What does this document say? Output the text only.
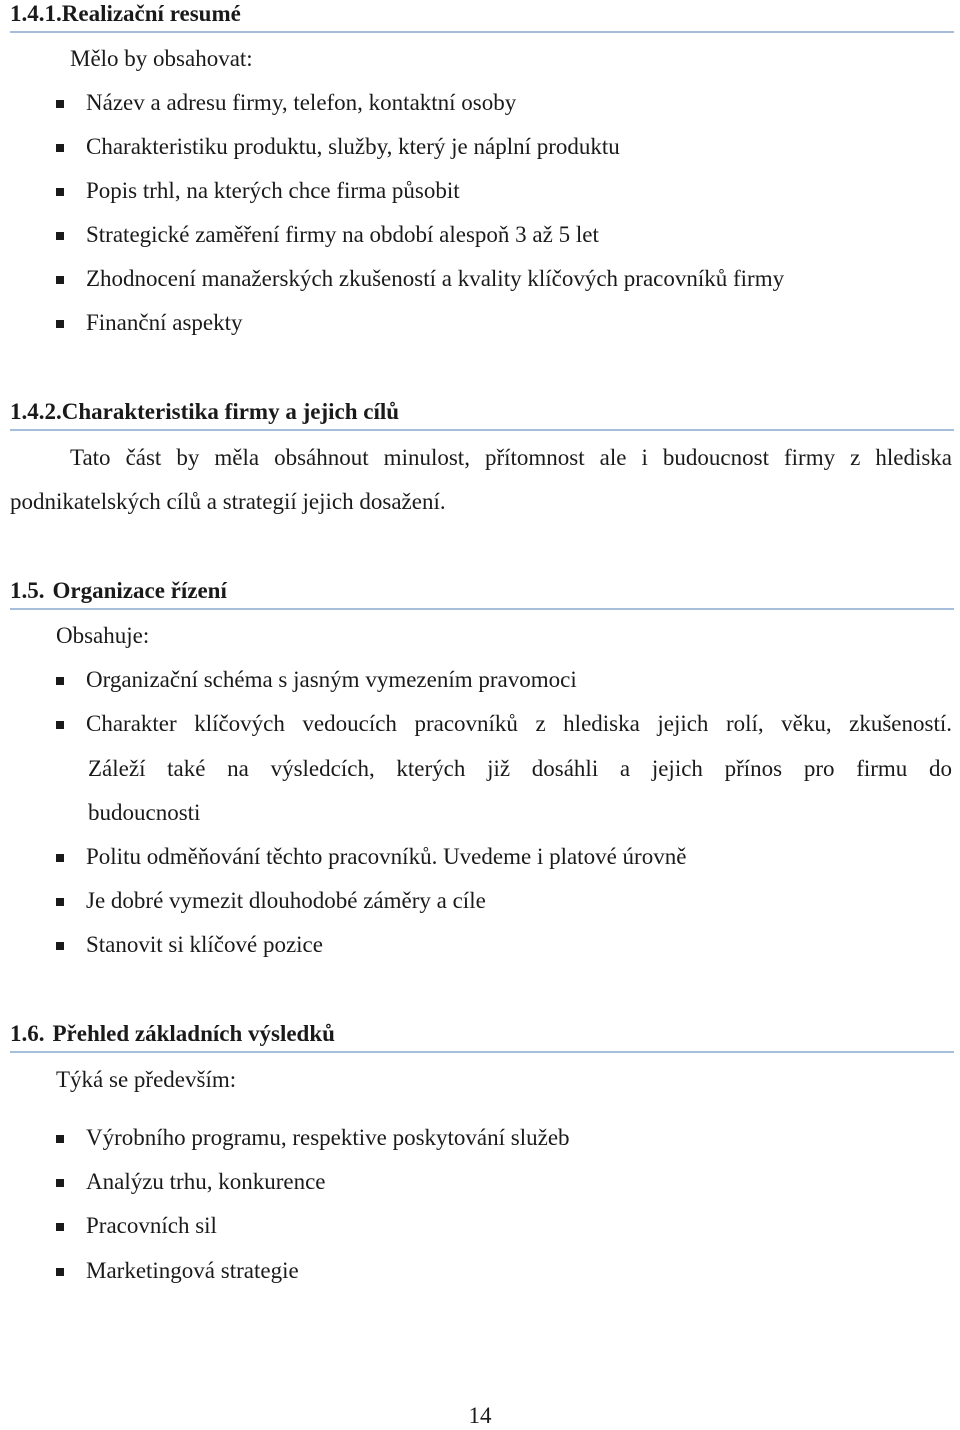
1.4.1.Realizační resumé
Mělo by obsahovat:
Název a adresu firmy, telefon, kontaktní osoby
Charakteristiku produktu, služby, který je náplní produktu
Popis trhl, na kterých chce firma působit
Strategické zaměření firmy na období alespoň 3 až 5 let
Zhodnocení manažerských zkušeností a kvality klíčových pracovníků firmy
Finanční aspekty
1.4.2.Charakteristika firmy a jejich cílů
Tato část by měla obsáhnout minulost, přítomnost ale i budoucnost firmy z hlediska
podnikatelských cílů a strategií jejich dosažení.
1.5. Organizace řízení
Obsahuje:
Organizační schéma s jasným vymezením pravomoci
Charakter klíčových vedoucích pracovníků z hlediska jejich rolí, věku, zkušeností.
Záleží také na výsledcích, kterých již dosáhli a jejich přínos pro firmu do
budoucnosti
Politu odměňování těchto pracovníků. Uvedeme i platové úrovně
Je dobré vymezit dlouhodobé záměry a cíle
Stanovit si klíčové pozice
1.6. Přehled základních výsledků
Týká se především:
Výrobního programu, respektive poskytování služeb
Analýzu trhu, konkurence
Pracovních sil
Marketingová strategie
14
